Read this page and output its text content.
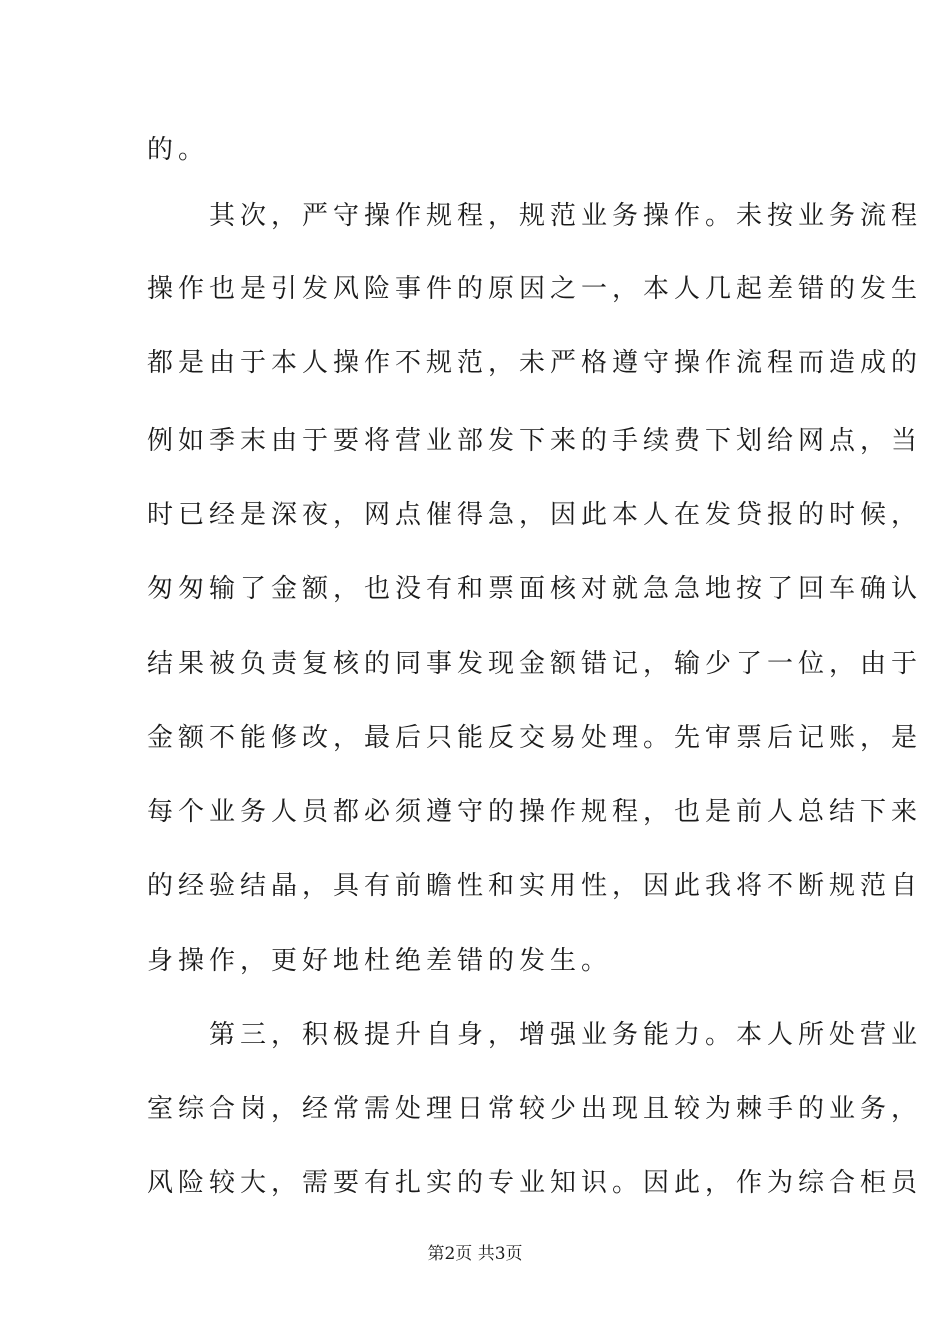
的。
　　其次，严守操作规程，规范业务操作。未按业务流程
操作也是引发风险事件的原因之一，本人几起差错的发生
都是由于本人操作不规范，未严格遵守操作流程而造成的
例如季末由于要将营业部发下来的手续费下划给网点，当
时已经是深夜，网点催得急，因此本人在发贷报的时候，
匆匆输了金额，也没有和票面核对就急急地按了回车确认
结果被负责复核的同事发现金额错记，输少了一位，由于
金额不能修改，最后只能反交易处理。先审票后记账，是
每个业务人员都必须遵守的操作规程，也是前人总结下来
的经验结晶，具有前瞻性和实用性，因此我将不断规范自
身操作，更好地杜绝差错的发生。
　　第三，积极提升自身，增强业务能力。本人所处营业
室综合岗，经常需处理日常较少出现且较为棘手的业务，
风险较大，需要有扎实的专业知识。因此，作为综合柜员
第2页 共3页
